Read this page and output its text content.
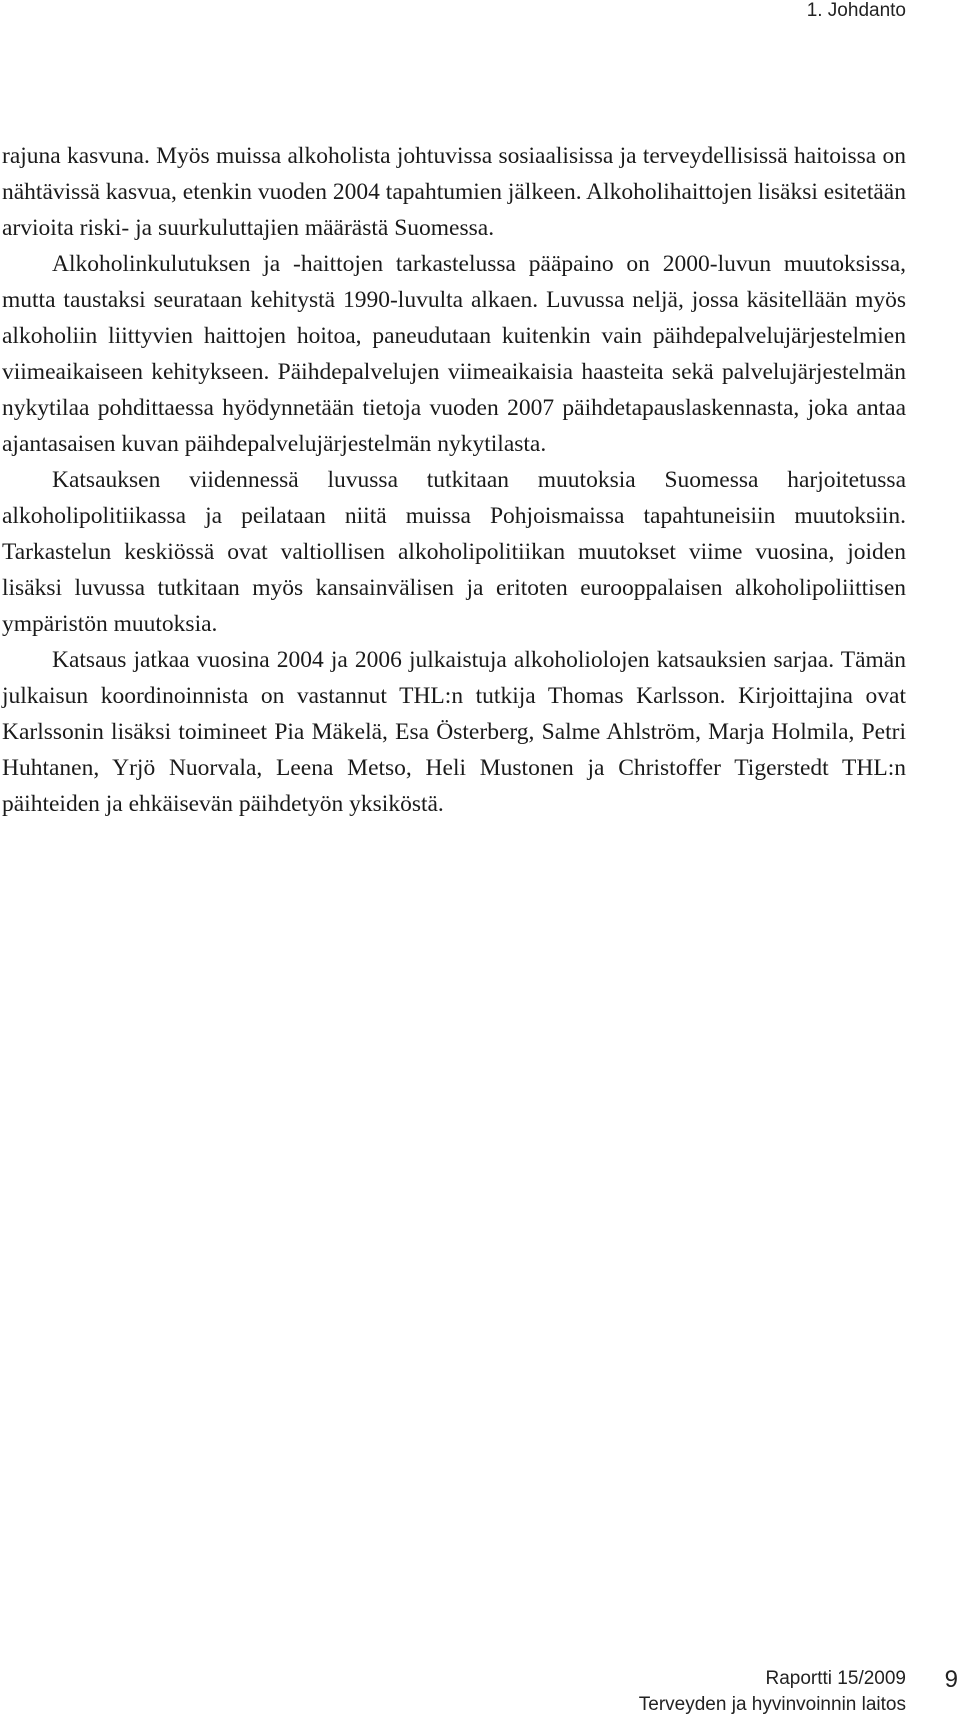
1. Johdanto

rajuna kasvuna. Myös muissa alkoholista johtuvissa sosiaalisissa ja terveydellisissä haitoissa on nähtävissä kasvua, etenkin vuoden 2004 tapahtumien jälkeen. Alkoholihaittojen lisäksi esitetään arvioita riski- ja suurkuluttajien määrästä Suomessa.

Alkoholinkulutuksen ja -haittojen tarkastelussa pääpaino on 2000-luvun muutoksissa, mutta taustaksi seurataan kehitystä 1990-luvulta alkaen. Luvussa neljä, jossa käsitellään myös alkoholiin liittyvien haittojen hoitoa, paneudutaan kuitenkin vain päihdepalvelujärjestelmien viimeaikaiseen kehitykseen. Päihdepalvelujen viimeaikaisia haasteita sekä palvelujärjestelmän nykytilaa pohdittaessa hyödynnetään tietoja vuoden 2007 päihdetapauslaskennasta, joka antaa ajantasaisen kuvan päihdepalvelujärjestelmän nykytilasta.

Katsauksen viidennessä luvussa tutkitaan muutoksia Suomessa harjoitetussa alkoholipolitiikassa ja peilataan niitä muissa Pohjoismaissa tapahtuneisiin muutoksiin. Tarkastelun keskiössä ovat valtiollisen alkoholipolitiikan muutokset viime vuosina, joiden lisäksi luvussa tutkitaan myös kansainvälisen ja eritoten eurooppalaisen alkoholipoliittisen ympäristön muutoksia.

Katsaus jatkaa vuosina 2004 ja 2006 julkaistuja alkoholiolojen katsauksien sarjaa. Tämän julkaisun koordinoinnista on vastannut THL:n tutkija Thomas Karlsson. Kirjoittajina ovat Karlssonin lisäksi toimineet Pia Mäkelä, Esa Österberg, Salme Ahlström, Marja Holmila, Petri Huhtanen, Yrjö Nuorvala, Leena Metso, Heli Mustonen ja Christoffer Tigerstedt THL:n päihteiden ja ehkäisevän päihdetyön yksiköstä.

Raportti 15/2009
Terveyden ja hyvinvoinnin laitos
9
